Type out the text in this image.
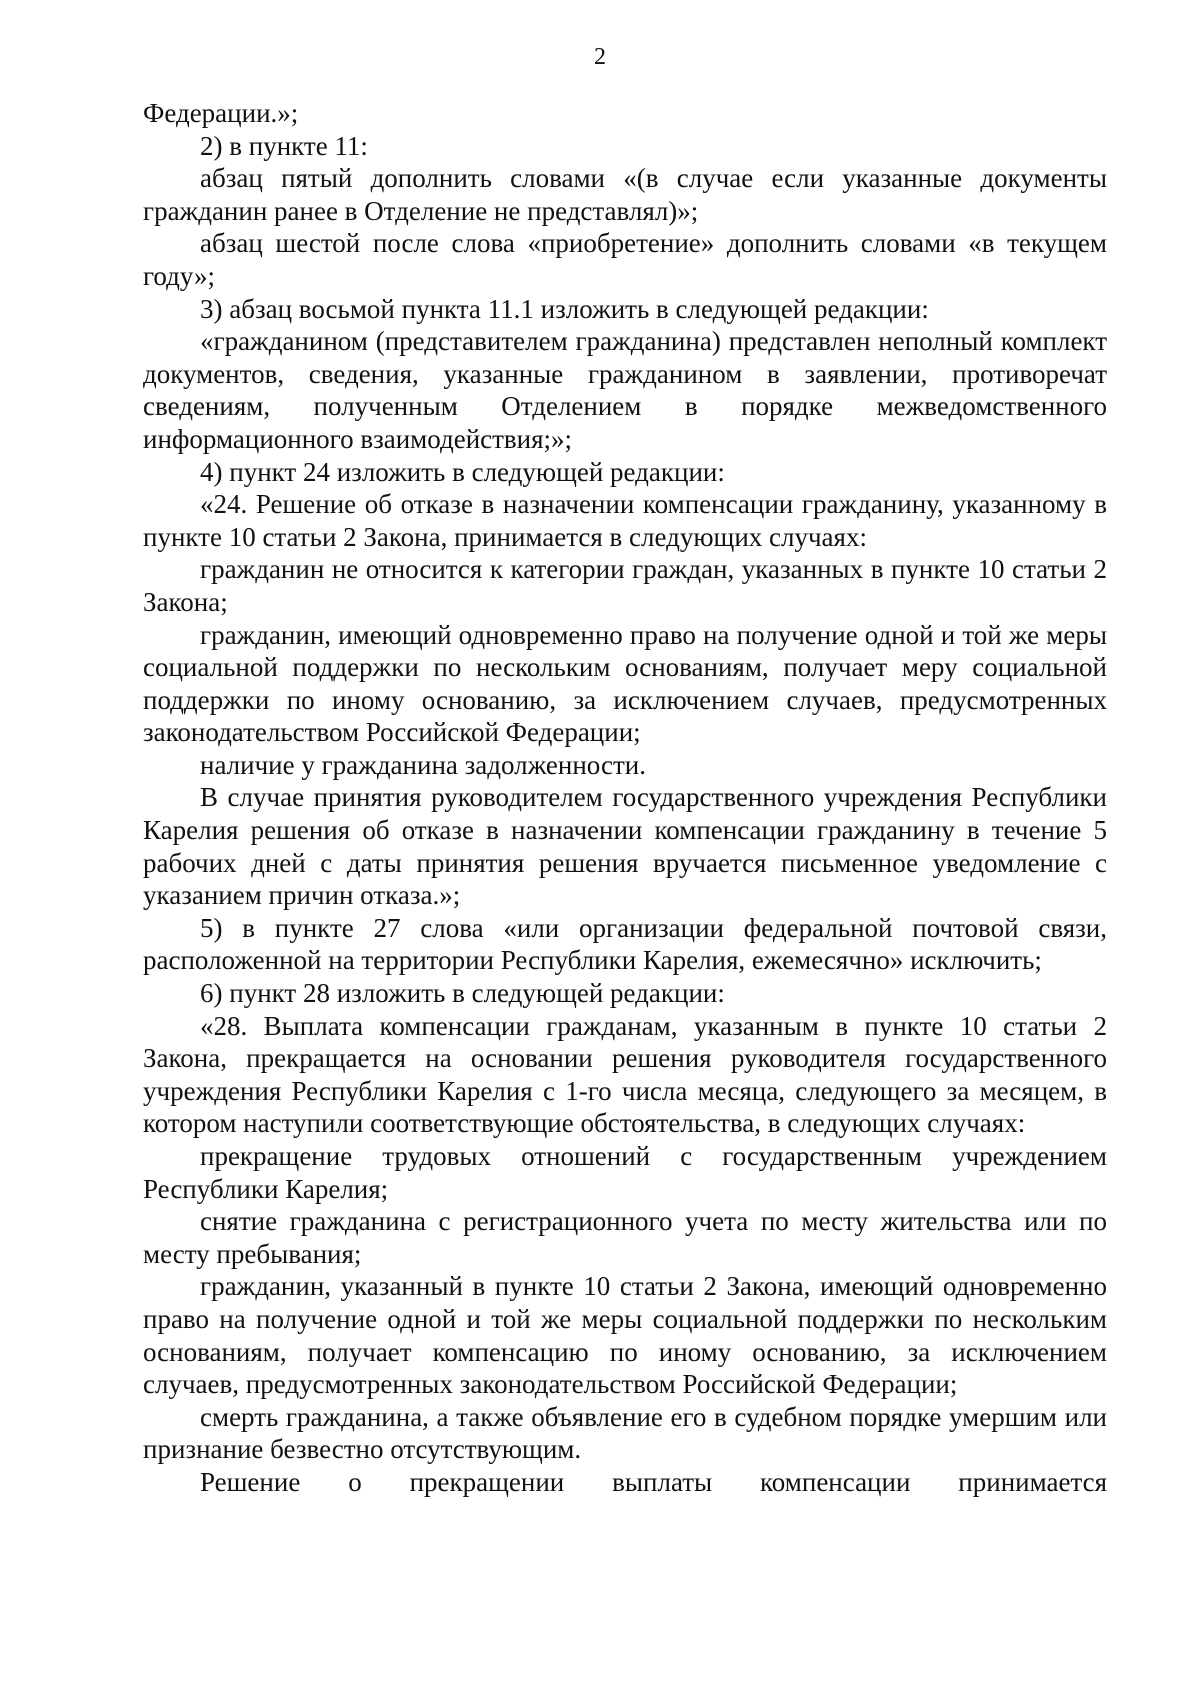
2

Федерации.»;

2) в пункте 11:

абзац пятый дополнить словами «(в случае если указанные документы гражданин ранее в Отделение не представлял)»;

абзац шестой после слова «приобретение» дополнить словами «в текущем году»;

3) абзац восьмой пункта 11.1 изложить в следующей редакции:

«гражданином (представителем гражданина) представлен неполный комплект документов, сведения, указанные гражданином в заявлении, противоречат сведениям, полученным Отделением в порядке межведомственного информационного взаимодействия;»;

4) пункт 24 изложить в следующей редакции:

«24. Решение об отказе в назначении компенсации гражданину, указанному в пункте 10 статьи 2 Закона, принимается в следующих случаях:

гражданин не относится к категории граждан, указанных в пункте 10 статьи 2 Закона;

гражданин, имеющий одновременно право на получение одной и той же меры социальной поддержки по нескольким основаниям, получает меру социальной поддержки по иному основанию, за исключением случаев, предусмотренных законодательством Российской Федерации;

наличие у гражданина задолженности.

В случае принятия руководителем государственного учреждения Республики Карелия решения об отказе в назначении компенсации гражданину в течение 5 рабочих дней с даты принятия решения вручается письменное уведомление с указанием причин отказа.»;

5) в пункте 27 слова «или организации федеральной почтовой связи, расположенной на территории Республики Карелия, ежемесячно» исключить;

6) пункт 28 изложить в следующей редакции:

«28. Выплата компенсации гражданам, указанным в пункте 10 статьи 2 Закона, прекращается на основании решения руководителя государственного учреждения Республики Карелия с 1-го числа месяца, следующего за месяцем, в котором наступили соответствующие обстоятельства, в следующих случаях:

прекращение трудовых отношений с государственным учреждением Республики Карелия;

снятие гражданина с регистрационного учета по месту жительства или по месту пребывания;

гражданин, указанный в пункте 10 статьи 2 Закона, имеющий одновременно право на получение одной и той же меры социальной поддержки по нескольким основаниям, получает компенсацию по иному основанию, за исключением случаев, предусмотренных законодательством Российской Федерации;

смерть гражданина, а также объявление его в судебном порядке умершим или признание безвестно отсутствующим.

Решение о прекращении выплаты компенсации принимается
